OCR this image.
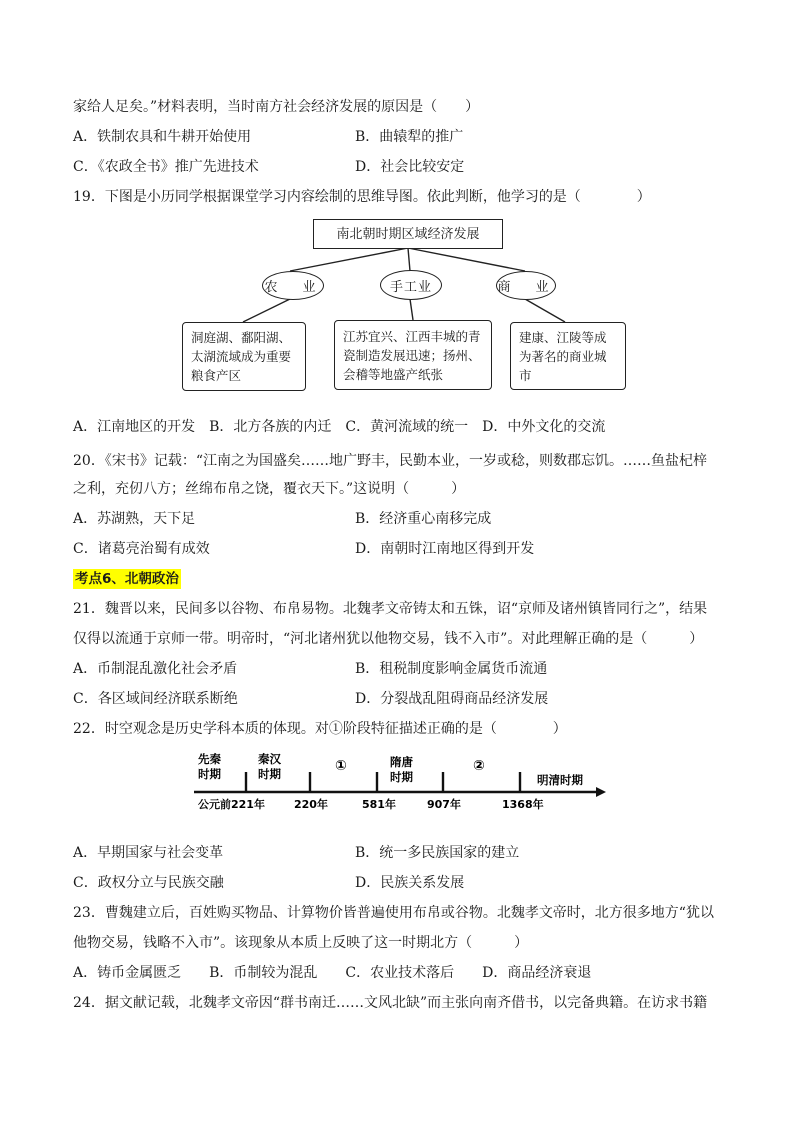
家给人足矣。”材料表明，当时南方社会经济发展的原因是（　　）
A．铁制农具和牛耕开始使用	B．曲辕犁的推广
C．《农政全书》推广先进技术	D．社会比较安定
19．下图是小历同学根据课堂学习内容绘制的思维导图。依此判断，他学习的是（　　　　）
南北朝时期区域经济发展
农　业	手工业	商　业
洞庭湖、鄱阳湖、太湖流域成为重要粮食产区
江苏宜兴、江西丰城的青瓷制造发展迅速；扬州、会稽等地盛产纸张
建康、江陵等成为著名的商业城市
A．江南地区的开发　B．北方各族的内迁　C．黄河流域的统一　D．中外文化的交流
20．《宋书》记载：“江南之为国盛矣……地广野丰，民勤本业，一岁或稔，则数郡忘饥。……鱼盐杞梓
之利，充仞八方；丝绵布帛之饶，覆衣天下。”这说明（　　　）
A．苏湖熟，天下足	B．经济重心南移完成
C．诸葛亮治蜀有成效	D．南朝时江南地区得到开发
考点6、北朝政治
21．魏晋以来，民间多以谷物、布帛易物。北魏孝文帝铸太和五铢，诏“京师及诸州镇皆同行之”，结果
仅得以流通于京师一带。明帝时，“河北诸州犹以他物交易，钱不入市”。对此理解正确的是（　　　）
A．币制混乱激化社会矛盾	B．租税制度影响金属货币流通
C．各区域间经济联系断绝	D．分裂战乱阻碍商品经济发展
22．时空观念是历史学科本质的体现。对①阶段特征描述正确的是（　　　　）
先秦
时期
秦汉
时期	①	隋唐
时期
②
明清时期
公元前221年	220年	581年	907年	1368年
A．早期国家与社会变革	B．统一多民族国家的建立
C．政权分立与民族交融	D．民族关系发展
23．曹魏建立后，百姓购买物品、计算物价皆普遍使用布帛或谷物。北魏孝文帝时，北方很多地方“犹以
他物交易，钱略不入市”。该现象从本质上反映了这一时期北方（　　　）
A．铸币金属匮乏　　B．币制较为混乱　　C．农业技术落后　　D．商品经济衰退
24．据文献记载，北魏孝文帝因“群书南迁……文风北缺”而主张向南齐借书，以完备典籍。在访求书籍
